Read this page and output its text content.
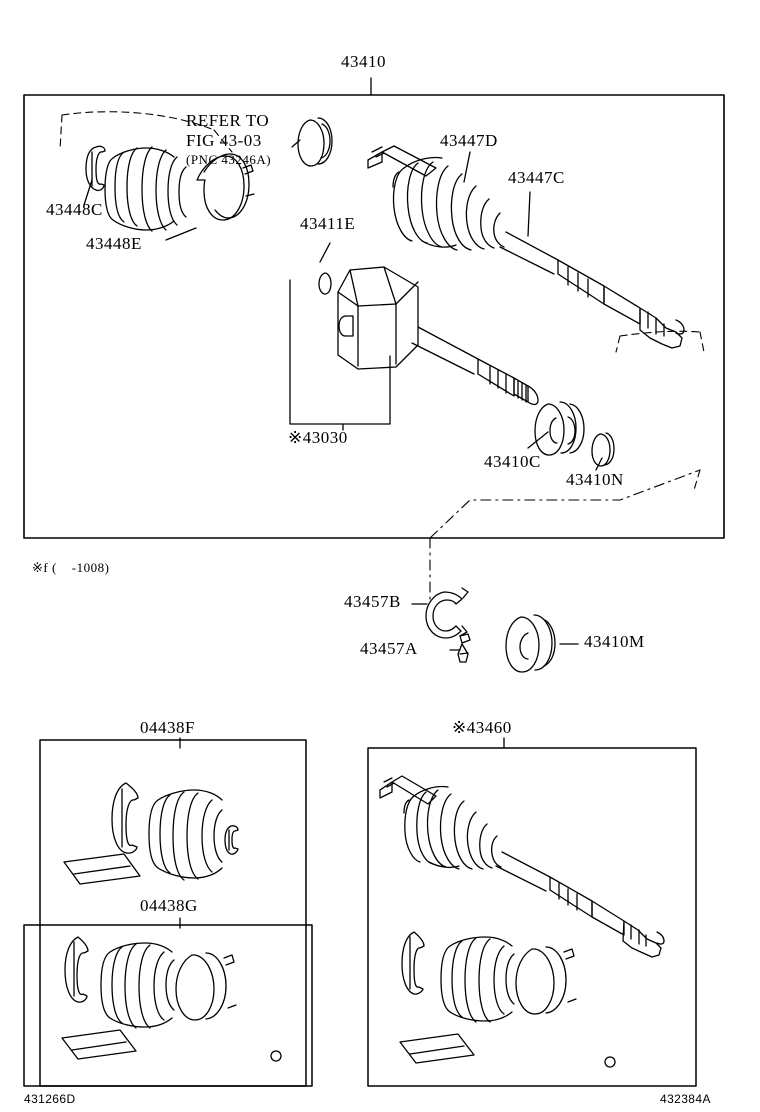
43410
REFER TO
FIG 43-03
(PNC 43246A)
43448C
43448E
43411E
43447D
43447C
※43030
43410C
43410N
※f (    -1008)
43457B
43457A	43410M
04438F
04438G
※43460
431266D	432384A
